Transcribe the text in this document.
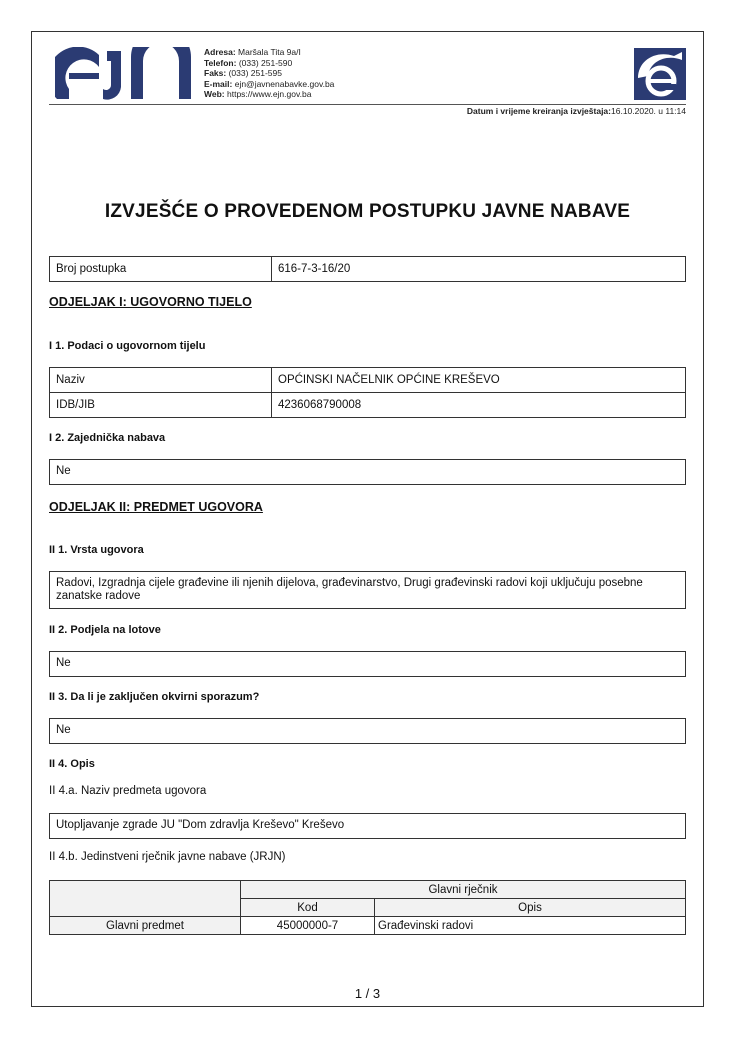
Adresa: Maršala Tita 9a/I
Telefon: (033) 251-590
Faks: (033) 251-595
E-mail: ejn@javnenabavke.gov.ba
Web: https://www.ejn.gov.ba
Datum i vrijeme kreiranja izvještaja:16.10.2020. u 11:14
IZVJEŠĆE O PROVEDENOM POSTUPKU JAVNE NABAVE
Broj postupka	616-7-3-16/20
ODJELJAK I: UGOVORNO TIJELO
I 1. Podaci o ugovornom tijelu
Naziv	OPĆINSKI NAČELNIK OPĆINE KREŠEVO
IDB/JIB	4236068790008
I 2. Zajednička nabava
Ne
ODJELJAK II: PREDMET UGOVORA
II 1. Vrsta ugovora
Radovi, Izgradnja cijele građevine ili njenih dijelova, građevinarstvo, Drugi građevinski radovi koji uključuju posebne zanatske radove
II 2. Podjela na lotove
Ne
II 3. Da li je zaključen okvirni sporazum?
Ne
II 4. Opis
II 4.a. Naziv predmeta ugovora
Utopljavanje zgrade JU "Dom zdravlja Kreševo" Kreševo
II 4.b. Jedinstveni rječnik javne nabave (JRJN)
	Glavni rječnik	
	Kod	Opis
Glavni predmet	45000000-7	Građevinski radovi
1 / 3
